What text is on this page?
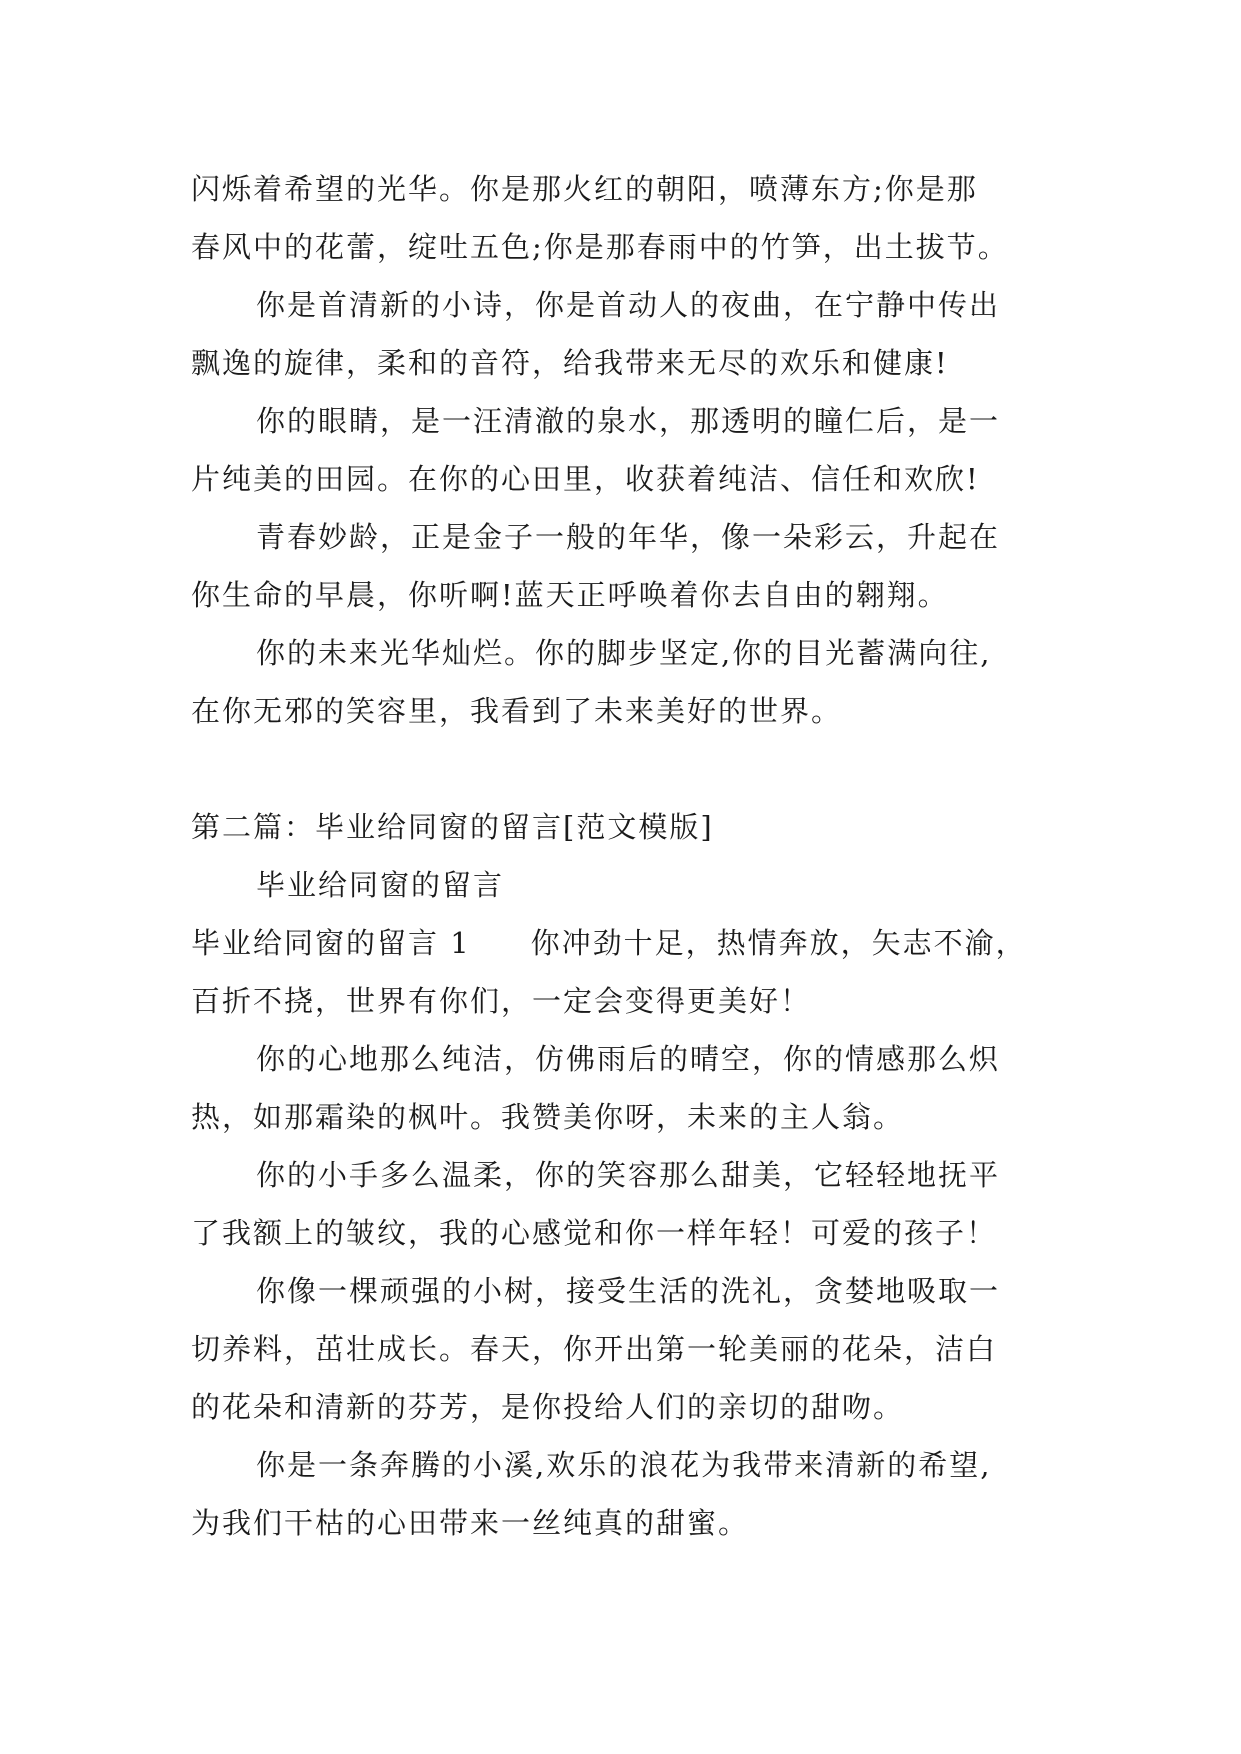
闪烁着希望的光华。你是那火红的朝阳，喷薄东方;你是那
春风中的花蕾，绽吐五色;你是那春雨中的竹笋，出土拔节。
你是首清新的小诗，你是首动人的夜曲，在宁静中传出
飘逸的旋律，柔和的音符，给我带来无尽的欢乐和健康!
你的眼睛，是一汪清澈的泉水，那透明的瞳仁后，是一
片纯美的田园。在你的心田里，收获着纯洁、信任和欢欣!
青春妙龄，正是金子一般的年华，像一朵彩云，升起在
你生命的早晨，你听啊!蓝天正呼唤着你去自由的翱翔。
你的未来光华灿烂。你的脚步坚定,你的目光蓄满向往,
在你无邪的笑容里，我看到了未来美好的世界。
第二篇：毕业给同窗的留言[范文模版]
毕业给同窗的留言
毕业给同窗的留言 1 你冲劲十足，热情奔放，矢志不渝，
百折不挠，世界有你们，一定会变得更美好！
你的心地那么纯洁，仿佛雨后的晴空，你的情感那么炽
热，如那霜染的枫叶。我赞美你呀，未来的主人翁。
你的小手多么温柔，你的笑容那么甜美，它轻轻地抚平
了我额上的皱纹，我的心感觉和你一样年轻！可爱的孩子！
你像一棵顽强的小树，接受生活的洗礼，贪婪地吸取一
切养料，茁壮成长。春天，你开出第一轮美丽的花朵，洁白
的花朵和清新的芬芳，是你投给人们的亲切的甜吻。
你是一条奔腾的小溪,欢乐的浪花为我带来清新的希望,
为我们干枯的心田带来一丝纯真的甜蜜。
